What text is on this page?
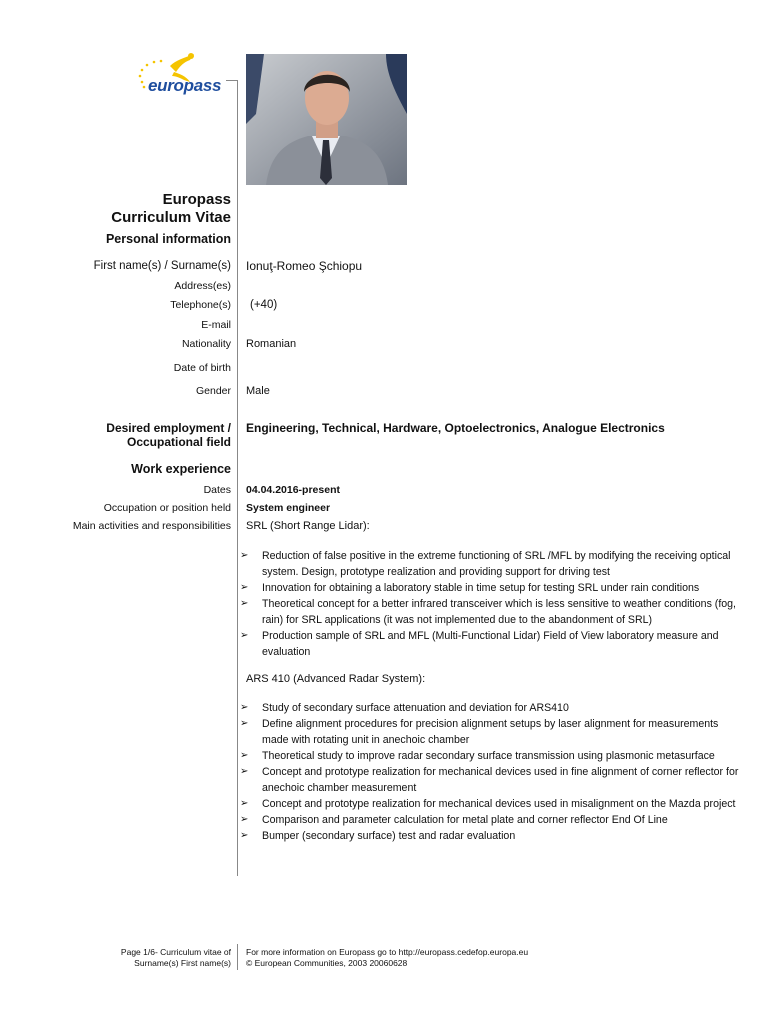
europass
Europass
Curriculum Vitae
Personal information
First name(s) / Surname(s) Ionuţ-Romeo Şchiopu
Address(es)
Telephone(s) (+40)
E-mail
Nationality Romanian
Date of birth
Gender Male
Desired employment /
Occupational field
Engineering, Technical, Hardware, Optoelectronics, Analogue Electronics
Work experience
Dates 04.04.2016-present
Occupation or position held System engineer
Main activities and responsibilities SRL (Short Range Lidar):
➢ Reduction of false positive in the extreme functioning of SRL /MFL by modifying the receiving optical system. Design, prototype realization and providing support for driving test
➢ Innovation for obtaining a laboratory stable in time setup for testing SRL under rain conditions
➢ Theoretical concept for a better infrared transceiver which is less sensitive to weather conditions (fog, rain) for SRL applications (it was not implemented due to the abandonment of SRL)
➢ Production sample of SRL and MFL (Multi-Functional Lidar) Field of View laboratory measure and evaluation
ARS 410 (Advanced Radar System):
➢ Study of secondary surface attenuation and deviation for ARS410
➢ Define alignment procedures for precision alignment setups by laser alignment for measurements made with rotating unit in anechoic chamber
➢ Theoretical study to improve radar secondary surface transmission using plasmonic metasurface
➢ Concept and prototype realization for mechanical devices used in fine alignment of corner reflector for anechoic chamber measurement
➢ Concept and prototype realization for mechanical devices used in misalignment on the Mazda project
➢ Comparison and parameter calculation for metal plate and corner reflector End Of Line
➢ Bumper (secondary surface) test and radar evaluation
Page 1/6- Curriculum vitae of
Surname(s) First name(s)
For more information on Europass go to http://europass.cedefop.europa.eu
© European Communities, 2003 20060628
